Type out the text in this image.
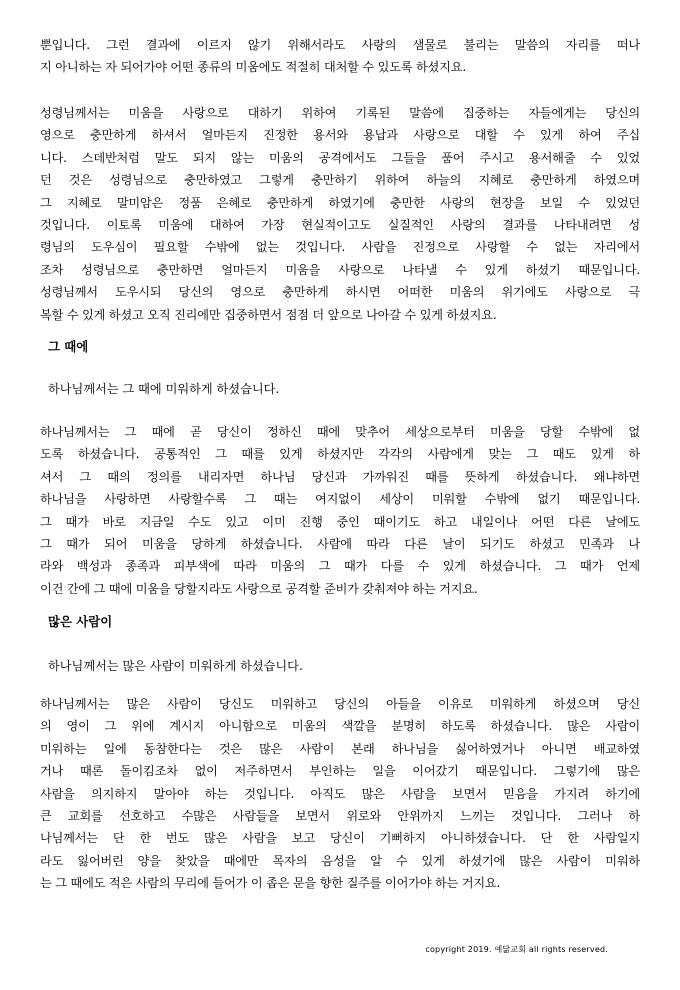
뿐입니다. 그런 결과에 이르지 않기 위해서라도 사랑의 샘물로 불리는 말씀의 자리를 떠나
지 아니하는 자 되어가야 어떤 종류의 미움에도 적절히 대처할 수 있도록 하셨지요.
성령님께서는 미움을 사랑으로 대하기 위하여 기록된 말씀에 집중하는 자들에게는 당신의
영으로 충만하게 하셔서 얼마든지 진정한 용서와 용납과 사랑으로 대할 수 있게 하여 주십
니다. 스데반처럼 말도 되지 않는 미움의 공격에서도 그들을 품어 주시고 용서해줄 수 있었
던 것은 성령님으로 충만하였고 그렇게 충만하기 위하여 하늘의 지혜로 충만하게 하였으며
그 지혜로 말미암은 정품 은혜로 충만하게 하였기에 충만한 사랑의 현장을 보일 수 있었던
것입니다. 이토록 미움에 대하여 가장 현실적이고도 실질적인 사랑의 결과를 나타내려면 성
령님의 도우심이 필요할 수밖에 없는 것입니다. 사람을 진정으로 사랑할 수 없는 자리에서
조차 성령님으로 충만하면 얼마든지 미움을 사랑으로 나타낼 수 있게 하셨기 때문입니다.
성령님께서 도우시되 당신의 영으로 충만하게 하시면 어떠한 미움의 위기에도 사랑으로 극
복할 수 있게 하셨고 오직 진리에만 집중하면서 점점 더 앞으로 나아갈 수 있게 하셨지요.

그 때에

하나님께서는 그 때에 미워하게 하셨습니다.

하나님께서는 그 때에 곧 당신이 정하신 때에 맞추어 세상으로부터 미움을 당할 수밖에 없
도록 하셨습니다. 공통적인 그 때를 있게 하셨지만 각각의 사람에게 맞는 그 때도 있게 하
셔서 그 때의 정의를 내리자면 하나님 당신과 가까워진 때를 뜻하게 하셨습니다. 왜냐하면
하나님을 사랑하면 사랑할수록 그 때는 여지없이 세상이 미워할 수밖에 없기 때문입니다.
그 때가 바로 지금일 수도 있고 이미 진행 중인 때이기도 하고 내일이나 어떤 다른 날에도
그 때가 되어 미움을 당하게 하셨습니다. 사람에 따라 다른 날이 되기도 하셨고 민족과 나
라와 백성과 종족과 피부색에 따라 미움의 그 때가 다를 수 있게 하셨습니다. 그 때가 언제
이건 간에 그 때에 미움을 당할지라도 사랑으로 공격할 준비가 갖춰져야 하는 거지요.

많은 사람이

하나님께서는 많은 사람이 미워하게 하셨습니다.

하나님께서는 많은 사람이 당신도 미워하고 당신의 아들을 이유로 미워하게 하셨으며 당신
의 영이 그 위에 계시지 아니함으로 미움의 색깔을 분명히 하도록 하셨습니다. 많은 사람이
미워하는 일에 동참한다는 것은 많은 사람이 본래 하나님을 싫어하였거나 아니면 배교하였
거나 때론 돌이킴조차 없이 저주하면서 부인하는 일을 이어갔기 때문입니다. 그렇기에 많은
사람을 의지하지 말아야 하는 것입니다. 아직도 많은 사람을 보면서 믿음을 가지려 하기에
큰 교회를 선호하고 수많은 사람들을 보면서 위로와 안위까지 느끼는 것입니다. 그러나 하
나님께서는 단 한 번도 많은 사람을 보고 당신이 기뻐하지 아니하셨습니다. 단 한 사람일지
라도 잃어버린 양을 찾았을 때에만 목자의 음성을 알 수 있게 하셨기에 많은 사람이 미워하
는 그 때에도 적은 사람의 무리에 들어가 이 좁은 문을 향한 질주를 이어가야 하는 거지요.
copyright 2019. 예닮교회 all rights reserved.
